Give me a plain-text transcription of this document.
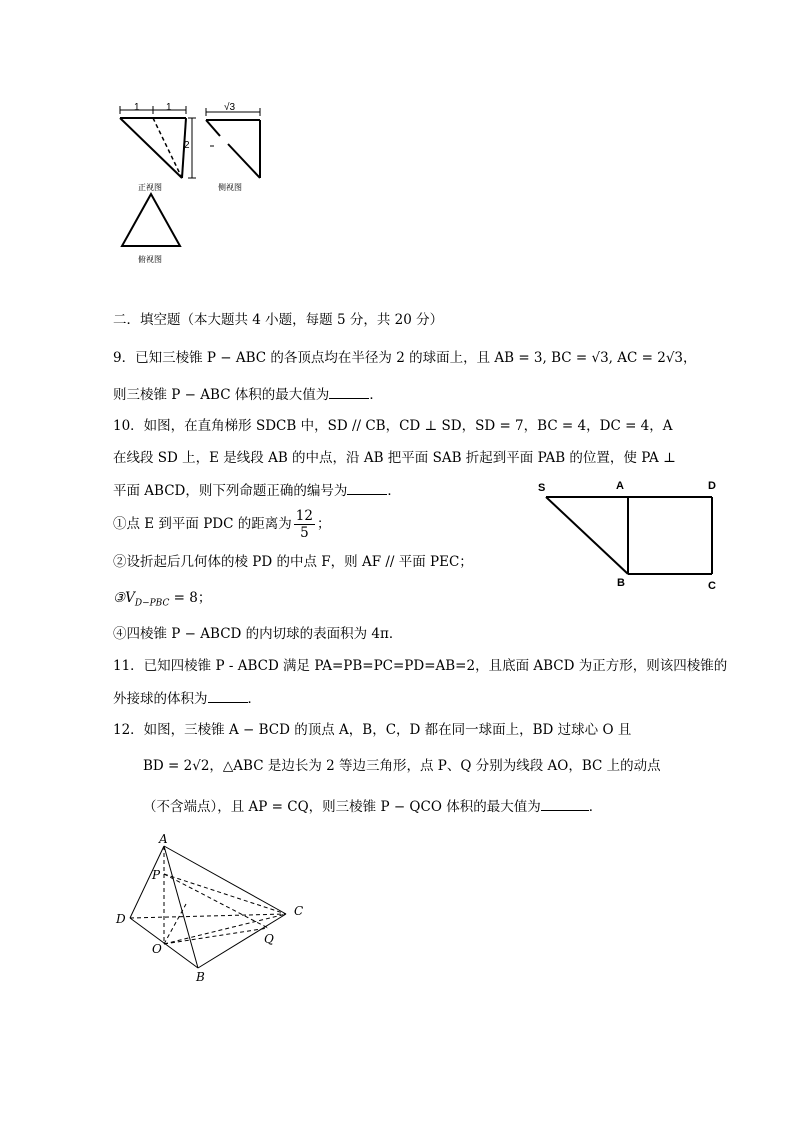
1	1
2
√3
正视图	侧视图
俯视图
二．填空题（本大题共 4 小题，每题 5 分，共 20 分）
9．已知三棱锥 P − ABC 的各顶点均在半径为 2 的球面上，且 AB = 3, BC = √3, AC = 2√3，
则三棱锥 P − ABC 体积的最大值为	．
10．如图，在直角梯形 SDCB 中，SD // CB，CD ⊥ SD，SD = 7，BC = 4，DC = 4，A
在线段 SD 上，E 是线段 AB 的中点，沿 AB 把平面 SAB 折起到平面 PAB 的位置，使 PA ⊥
平面 ABCD，则下列命题正确的编号为	．
①点 E 到平面 PDC 的距离为 $\frac{12}{5}$ ；
②设折起后几何体的棱 PD 的中点 F，则 AF // 平面 PEC；
$③V_{D-PBC} = 8$；
④四棱锥 P − ABCD 的内切球的表面积为 4π．
S	A	D
B	C
11．已知四棱锥 P - ABCD 满足 PA=PB=PC=PD=AB=2，且底面 ABCD 为正方形，则该四棱锥的
外接球的体积为	．
12．如图，三棱锥 A − BCD 的顶点 A，B，C，D 都在同一球面上，BD 过球心 O 且
BD = 2√2，△ABC 是边长为 2 等边三角形，点 P、Q 分别为线段 AO，BC 上的动点
（不含端点），且 AP = CQ，则三棱锥 P − QCO 体积的最大值为	．
A
P
D
C
O
Q
B
